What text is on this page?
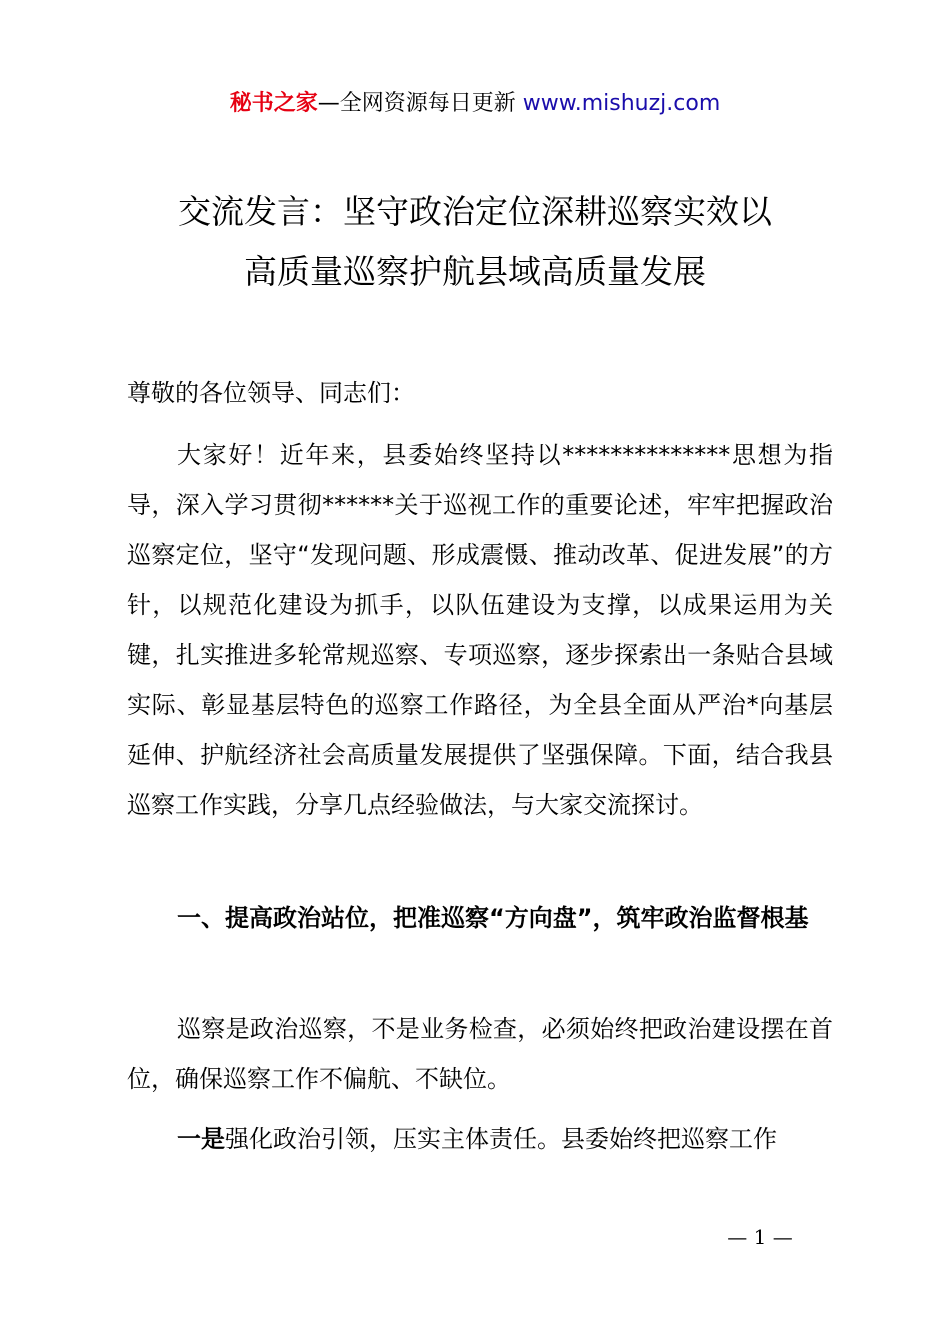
秘书之家—全网资源每日更新 www.mishuzj.com
交流发言：坚守政治定位深耕巡察实效以
高质量巡察护航县域高质量发展
尊敬的各位领导、同志们：
大家好！近年来，县委始终坚持以**************思想为指导，深入学习贯彻******关于巡视工作的重要论述，牢牢把握政治巡察定位，坚守“发现问题、形成震慑、推动改革、促进发展”的方针，以规范化建设为抓手，以队伍建设为支撑，以成果运用为关键，扎实推进多轮常规巡察、专项巡察，逐步探索出一条贴合县域实际、彰显基层特色的巡察工作路径，为全县全面从严治*向基层延伸、护航经济社会高质量发展提供了坚强保障。下面，结合我县巡察工作实践，分享几点经验做法，与大家交流探讨。
一、提高政治站位，把准巡察“方向盘”，筑牢政治监督根基
巡察是政治巡察，不是业务检查，必须始终把政治建设摆在首位，确保巡察工作不偏航、不缺位。
一是强化政治引领，压实主体责任。县委始终把巡察工作
— 1 —
